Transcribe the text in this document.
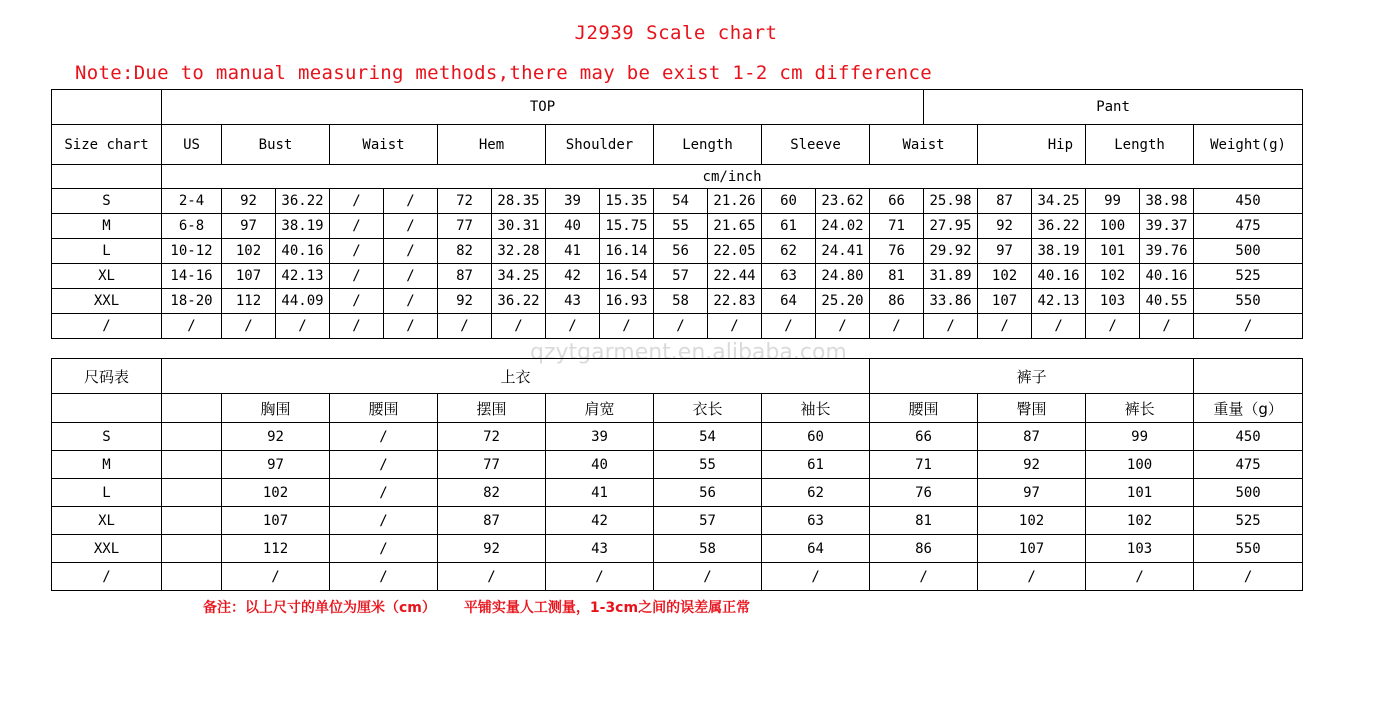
J2939 Scale chart
Note:Due to manual measuring methods,there may be exist 1-2 cm difference
	TOP														Pant					
Size chart	US	Bust		Waist		Hem		Shoulder		Length		Sleeve		Waist		Hip		Length		Weight(g)
	cm/inch																			
S	2-4	92	36.22	/	/	72	28.35	39	15.35	54	21.26	60	23.62	66	25.98	87	34.25	99	38.98	450
M	6-8	97	38.19	/	/	77	30.31	40	15.75	55	21.65	61	24.02	71	27.95	92	36.22	100	39.37	475
L	10-12	102	40.16	/	/	82	32.28	41	16.14	56	22.05	62	24.41	76	29.92	97	38.19	101	39.76	500
XL	14-16	107	42.13	/	/	87	34.25	42	16.54	57	22.44	63	24.80	81	31.89	102	40.16	102	40.16	525
XXL	18-20	112	44.09	/	/	92	36.22	43	16.93	58	22.83	64	25.20	86	33.86	107	42.13	103	40.55	550
/	/	/	/	/	/	/	/	/	/	/	/	/	/	/	/	/	/	/	/	/
qzytgarment.en.alibaba.com
尺码表	上衣							裤子			
		胸围	腰围	摆围	肩宽	衣长	袖长	腰围	臀围	裤长	重量（g）
S		92	/	72	39	54	60	66	87	99	450
M		97	/	77	40	55	61	71	92	100	475
L		102	/	82	41	56	62	76	97	101	500
XL		107	/	87	42	57	63	81	102	102	525
XXL		112	/	92	43	58	64	86	107	103	550
/		/	/	/	/	/	/	/	/	/	/
备注：以上尺寸的单位为厘米（cm） 平铺实量人工测量，1-3cm之间的误差属正常
